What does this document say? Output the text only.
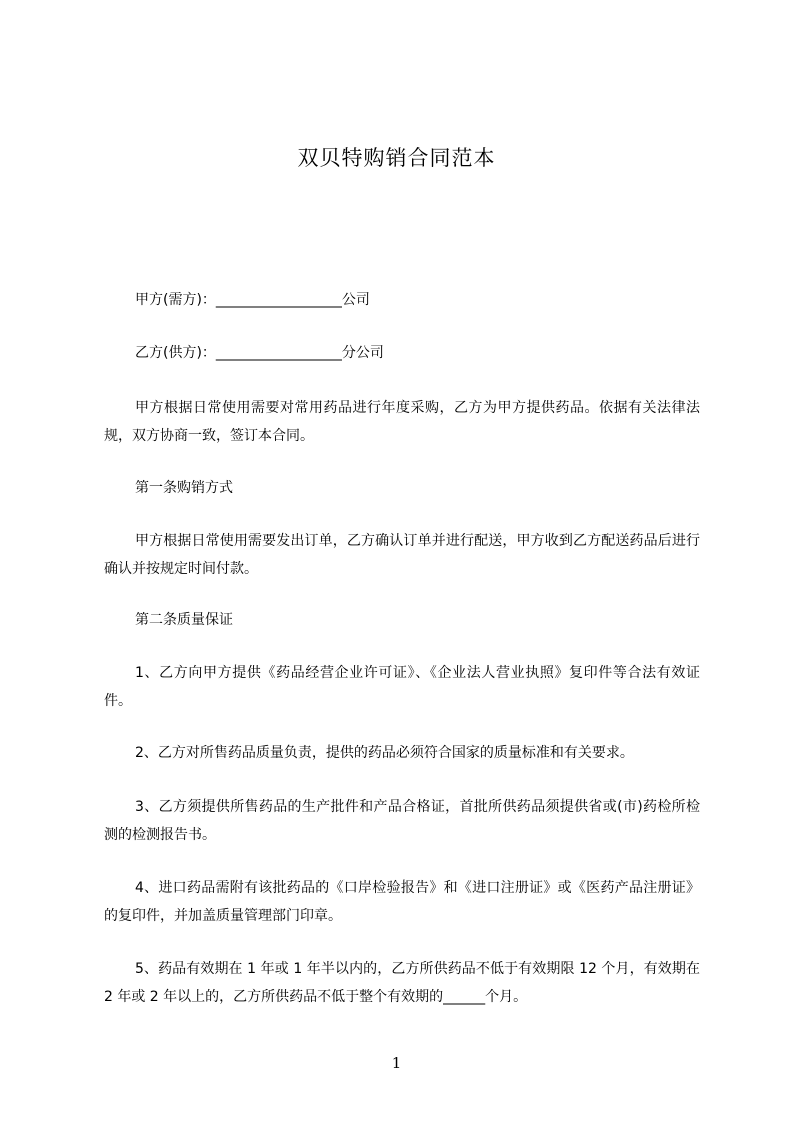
双贝特购销合同范本

甲方(需方)：__________________公司

乙方(供方)：__________________分公司

甲方根据日常使用需要对常用药品进行年度采购，乙方为甲方提供药品。依据有关法律法规，双方协商一致，签订本合同。

第一条购销方式

甲方根据日常使用需要发出订单，乙方确认订单并进行配送，甲方收到乙方配送药品后进行确认并按规定时间付款。

第二条质量保证

1、乙方向甲方提供《药品经营企业许可证》、《企业法人营业执照》复印件等合法有效证件。

2、乙方对所售药品质量负责，提供的药品必须符合国家的质量标准和有关要求。

3、乙方须提供所售药品的生产批件和产品合格证，首批所供药品须提供省或(市)药检所检测的检测报告书。

4、进口药品需附有该批药品的《口岸检验报告》和《进口注册证》或《医药产品注册证》的复印件，并加盖质量管理部门印章。

5、药品有效期在 1 年或 1 年半以内的，乙方所供药品不低于有效期限 12 个月，有效期在 2 年或 2 年以上的，乙方所供药品不低于整个有效期的______个月。

1
